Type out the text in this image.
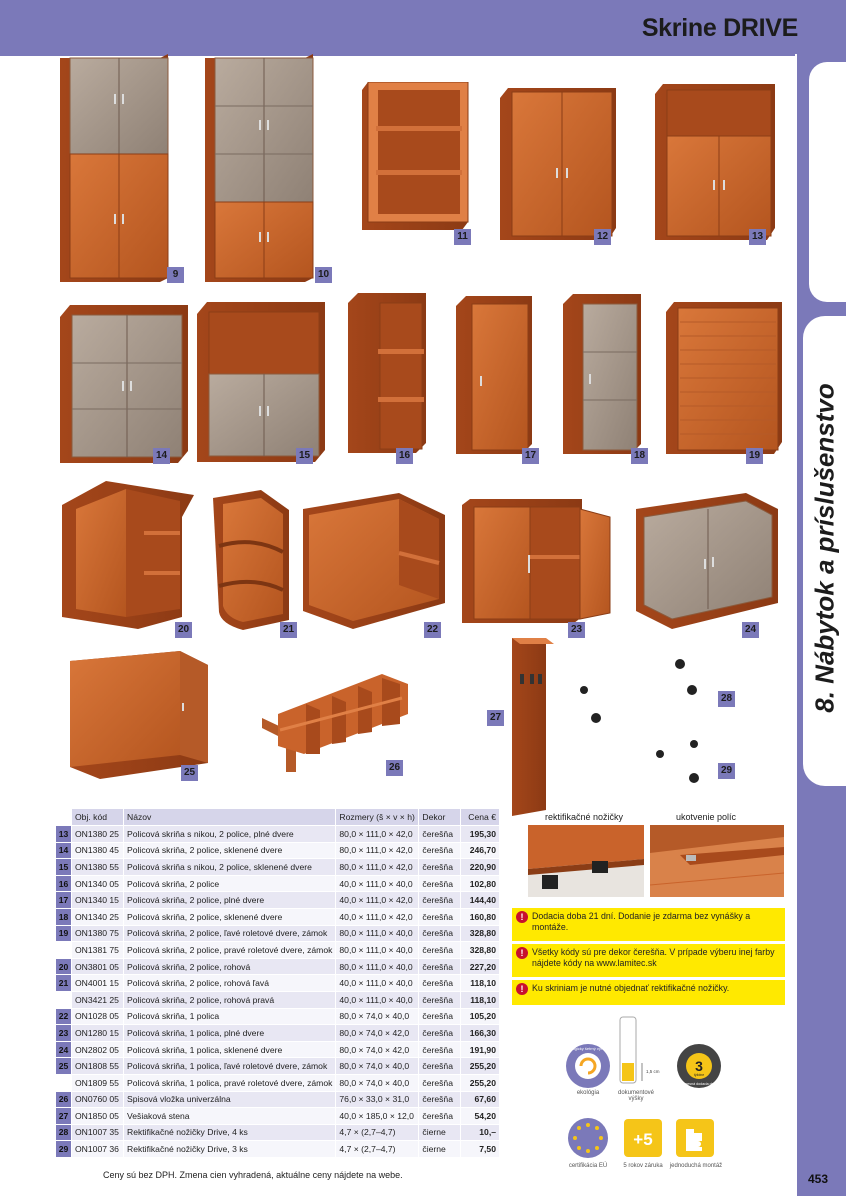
Skrine DRIVE
8. Nábytok a príslušenstvo
9	10
11	12	13
14	15	16	17	18	19
20	21	22	23	24
25	26
27
28
29
	Obj. kód	Názov	Rozmery (š × v × h)	Dekor	Cena €
13	ON1380 25	Policová skriňa s nikou, 2 police, plné dvere	80,0 × 111,0 × 42,0	čerešňa	195,30
14	ON1380 45	Policová skriňa, 2 police, sklenené dvere	80,0 × 111,0 × 42,0	čerešňa	246,70
15	ON1380 55	Policová skriňa s nikou, 2 police, sklenené dvere	80,0 × 111,0 × 42,0	čerešňa	220,90
16	ON1340 05	Policová skriňa, 2 police	40,0 × 111,0 × 40,0	čerešňa	102,80
17	ON1340 15	Policová skriňa, 2 police, plné dvere	40,0 × 111,0 × 42,0	čerešňa	144,40
18	ON1340 25	Policová skriňa, 2 police, sklenené dvere	40,0 × 111,0 × 42,0	čerešňa	160,80
19	ON1380 75	Policová skriňa, 2 police, ľavé roletové dvere, zámok	80,0 × 111,0 × 40,0	čerešňa	328,80
	ON1381 75	Policová skriňa, 2 police, pravé roletové dvere, zámok	80,0 × 111,0 × 40,0	čerešňa	328,80
20	ON3801 05	Policová skriňa, 2 police, rohová	80,0 × 111,0 × 40,0	čerešňa	227,20
21	ON4001 15	Policová skriňa, 2 police, rohová ľavá	40,0 × 111,0 × 40,0	čerešňa	118,10
	ON3421 25	Policová skriňa, 2 police, rohová pravá	40,0 × 111,0 × 40,0	čerešňa	118,10
22	ON1028 05	Policová skriňa, 1 polica	80,0 × 74,0 × 40,0	čerešňa	105,20
23	ON1280 15	Policová skriňa, 1 polica, plné dvere	80,0 × 74,0 × 42,0	čerešňa	166,30
24	ON2802 05	Policová skriňa, 1 polica, sklenené dvere	80,0 × 74,0 × 42,0	čerešňa	191,90
25	ON1808 55	Policová skriňa, 1 polica, ľavé roletové dvere, zámok	80,0 × 74,0 × 40,0	čerešňa	255,20
	ON1809 55	Policová skriňa, 1 polica, pravé roletové dvere, zámok	80,0 × 74,0 × 40,0	čerešňa	255,20
26	ON0760 05	Spisová vložka univerzálna	76,0 × 33,0 × 31,0	čerešňa	67,60
27	ON1850 05	Vešiaková stena	40,0 × 185,0 × 12,0	čerešňa	54,20
28	ON1007 35	Rektifikačné nožičky Drive, 4 ks	4,7 × (2,7–4,7)	čierne	10,–
29	ON1007 36	Rektifikačné nožičky Drive, 3 ks	4,7 × (2,7–4,7)	čierne	7,50
rektifikačné nožičky	ukotvenie políc
! Dodacia doba 21 dní. Dodanie je zdarma bez vynášky a montáže.
! Všetky kódy sú pre dekor čerešňa. V prípade výberu inej farby nájdete kódy na www.lamitec.sk
! Ku skriniam je nutné objednať rektifikačné nožičky.
ekologicky šetrný výrobok
ekológia
1,5 cm
dokumentové výšky
3
týždne
expresná dodacia doba
certifikácia EÚ
+5
5 rokov záruka	jednoduchá montáž
Ceny sú bez DPH. Zmena cien vyhradená, aktuálne ceny nájdete na webe.	453
